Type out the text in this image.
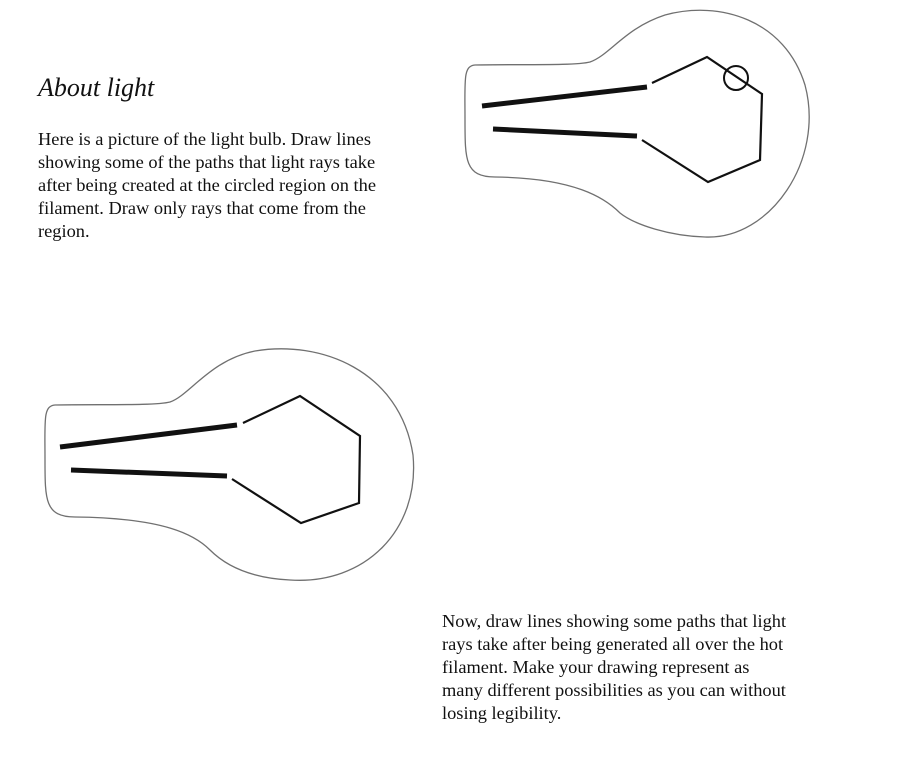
About light

Here is a picture of the light bulb. Draw lines
showing some of the paths that light rays take
after being created at the circled region on the
filament. Draw only rays that come from the
region.

Now, draw lines showing some paths that light
rays take after being generated all over the hot
filament. Make your drawing represent as
many different possibilities as you can without
losing legibility.
